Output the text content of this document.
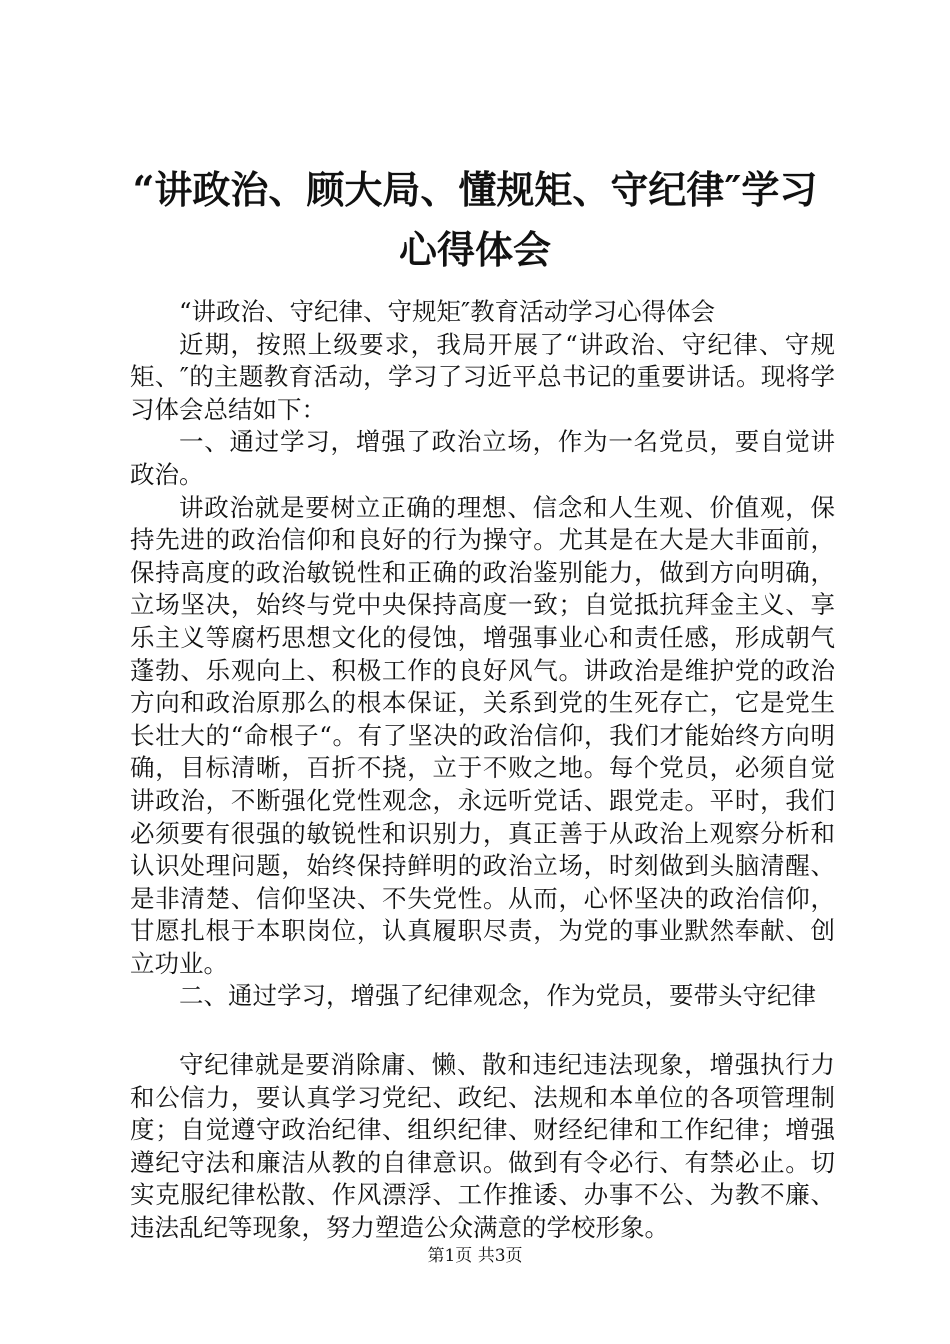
“讲政治、顾大局、懂规矩、守纪律″学习心得体会

“讲政治、守纪律、守规矩″教育活动学习心得体会

近期，按照上级要求，我局开展了“讲政治、守纪律、守规矩、″的主题教育活动，学习了习近平总书记的重要讲话。现将学习体会总结如下：

一、通过学习，增强了政治立场，作为一名党员，要自觉讲政治。

讲政治就是要树立正确的理想、信念和人生观、价值观，保持先进的政治信仰和良好的行为操守。尤其是在大是大非面前，保持高度的政治敏锐性和正确的政治鉴别能力，做到方向明确，立场坚决，始终与党中央保持高度一致；自觉抵抗拜金主义、享乐主义等腐朽思想文化的侵蚀，增强事业心和责任感，形成朝气蓬勃、乐观向上、积极工作的良好风气。讲政治是维护党的政治方向和政治原那么的根本保证，关系到党的生死存亡，它是党生长壮大的“命根子“。有了坚决的政治信仰，我们才能始终方向明确，目标清晰，百折不挠，立于不败之地。每个党员，必须自觉讲政治，不断强化党性观念，永远听党话、跟党走。平时，我们必须要有很强的敏锐性和识别力，真正善于从政治上观察分析和认识处理问题，始终保持鲜明的政治立场，时刻做到头脑清醒、是非清楚、信仰坚决、不失党性。从而，心怀坚决的政治信仰，甘愿扎根于本职岗位，认真履职尽责，为党的事业默然奉献、创立功业。

二、通过学习，增强了纪律观念，作为党员，要带头守纪律

守纪律就是要消除庸、懒、散和违纪违法现象，增强执行力和公信力，要认真学习党纪、政纪、法规和本单位的各项管理制度；自觉遵守政治纪律、组织纪律、财经纪律和工作纪律；增强遵纪守法和廉洁从教的自律意识。做到有令必行、有禁必止。切实克服纪律松散、作风漂浮、工作推诿、办事不公、为教不廉、违法乱纪等现象，努力塑造公众满意的学校形象。

第1页 共3页
